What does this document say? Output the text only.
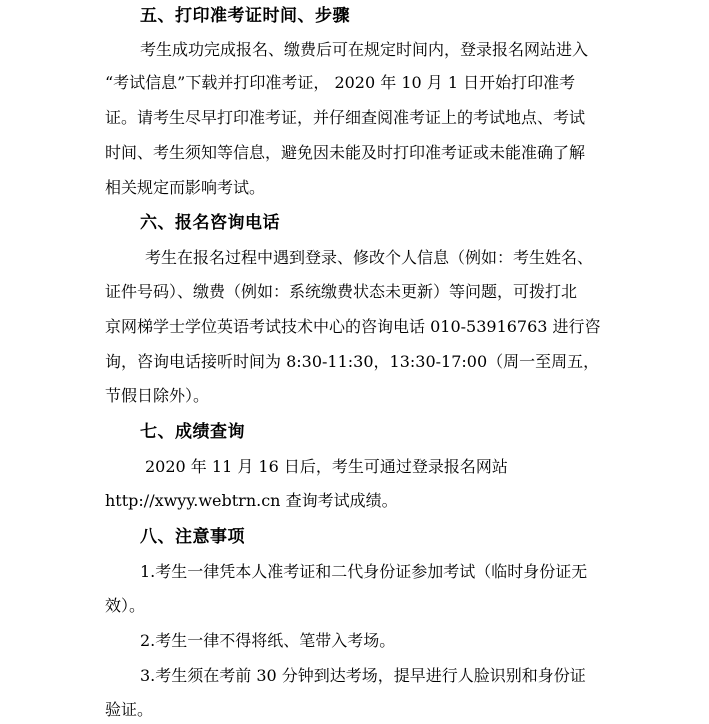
五、打印准考证时间、步骤
考生成功完成报名、缴费后可在规定时间内，登录报名网站进入
“考试信息”下载并打印准考证， 2020 年 10 月 1 日开始打印准考
证。请考生尽早打印准考证，并仔细查阅准考证上的考试地点、考试
时间、考生须知等信息，避免因未能及时打印准考证或未能准确了解
相关规定而影响考试。
六、报名咨询电话
考生在报名过程中遇到登录、修改个人信息（例如：考生姓名、
证件号码）、缴费（例如：系统缴费状态未更新）等问题，可拨打北
京网梯学士学位英语考试技术中心的咨询电话 010-53916763 进行咨
询，咨询电话接听时间为 8:30-11:30，13:30-17:00（周一至周五，
节假日除外）。
七、成绩查询
2020 年 11 月 16 日后，考生可通过登录报名网站
http://xwyy.webtrn.cn 查询考试成绩。
八、注意事项
1.考生一律凭本人准考证和二代身份证参加考试（临时身份证无
效）。
2.考生一律不得将纸、笔带入考场。
3.考生须在考前 30 分钟到达考场，提早进行人脸识别和身份证
验证。
